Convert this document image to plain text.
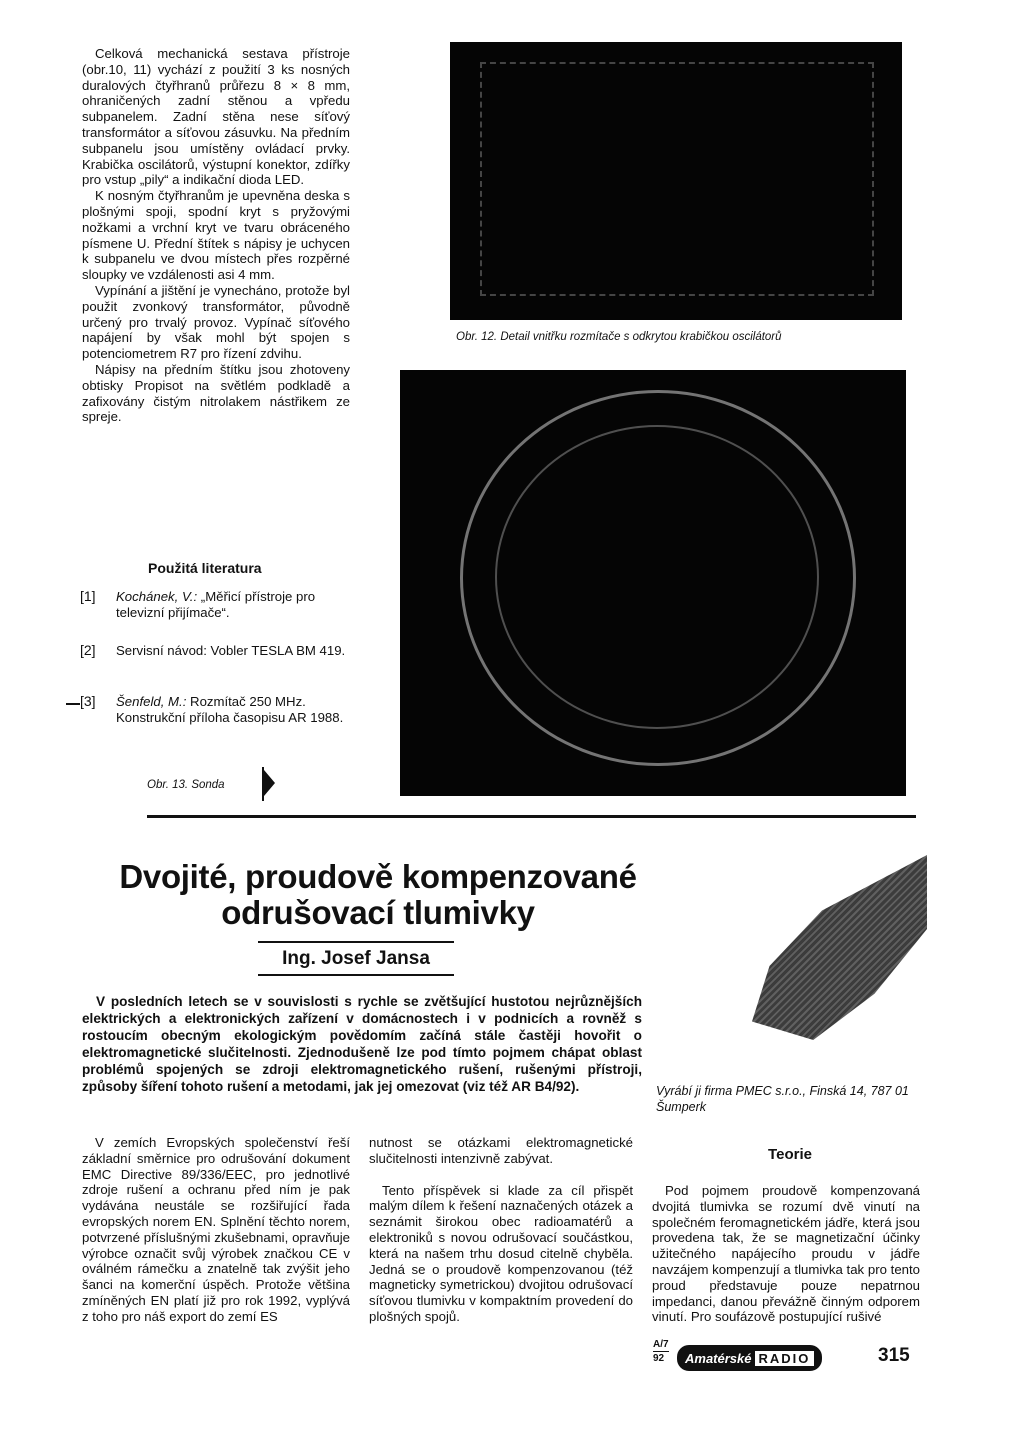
Celková mechanická sestava přístroje (obr.10, 11) vychází z použití 3 ks nosných duralových čtyřhranů průřezu 8 × 8 mm, ohraničených zadní stěnou a vpředu subpanelem. Zadní stěna nese síťový transformátor a síťovou zásuvku. Na předním subpanelu jsou umístěny ovládací prvky. Krabička oscilátorů, výstupní konektor, zdířky pro vstup „pily“ a indikační dioda LED.

K nosným čtyřhranům je upevněna deska s plošnými spoji, spodní kryt s pryžovými nožkami a vrchní kryt ve tvaru obráceného písmene U. Přední štítek s nápisy je uchycen k subpanelu ve dvou místech přes rozpěrné sloupky ve vzdálenosti asi 4 mm.

Vypínání a jištění je vynecháno, protože byl použit zvonkový transformátor, původně určený pro trvalý provoz. Vypínač síťového napájení by však mohl být spojen s potenciometrem R7 pro řízení zdvihu.

Nápisy na předním štítku jsou zhotoveny obtisky Propisot na světlém podkladě a zafixovány čistým nitrolakem nástřikem ze spreje.

Obr. 12. Detail vnitřku rozmítače s odkrytou krabičkou oscilátorů
Obr. 13. Sonda
Použitá literatura
[1] Kochánek, V.: „Měřicí přístroje pro televizní přijímače“.
[2] Servisní návod: Vobler TESLA BM 419.
[3] Šenfeld, M.: Rozmítač 250 MHz. Konstrukční příloha časopisu AR 1988.
Dvojité, proudově kompenzované odrušovací tlumivky
Ing. Josef Jansa

V posledních letech se v souvislosti s rychle se zvětšující hustotou nejrůznějších elektrických a elektronických zařízení v domácnostech i v podnicích a rovněž s rostoucím obecným ekologickým povědomím začíná stále častěji hovořit o elektromagnetické slučitelnosti. Zjednodušeně lze pod tímto pojmem chápat oblast problémů spojených se zdroji elektromagnetického rušení, rušenými přístroji, způsoby šíření tohoto rušení a metodami, jak jej omezovat (viz též AR B4/92).	Vyrábí ji firma PMEC s.r.o., Finská 14, 787 01 Šumperk

V zemích Evropských společenství řeší základní směrnice pro odrušování dokument EMC Directive 89/336/EEC, pro jednotlivé zdroje rušení a ochranu před ním je pak vydávána neustále se rozšiřující řada evropských norem EN. Splnění těchto norem, potvrzené příslušnými zkušebnami, opravňuje výrobce označit svůj výrobek značkou CE v oválném rámečku a znatelně tak zvýšit jeho šanci na komerční úspěch. Protože většina zmíněných EN platí již pro rok 1992, vyplývá z toho pro náš export do zemí ES

nutnost se otázkami elektromagnetické slučitelnosti intenzivně zabývat.

Tento příspěvek si klade za cíl přispět malým dílem k řešení naznačených otázek a seznámit širokou obec radioamatérů a elektroniků s novou odrušovací součástkou, která na našem trhu dosud citelně chyběla. Jedná se o proudově kompenzovanou (též magneticky symetrickou) dvojitou odrušovací síťovou tlumivku v kompaktním provedení do plošných spojů.

Teorie

Pod pojmem proudově kompenzovaná dvojitá tlumivka se rozumí dvě vinutí na společném feromagnetickém jádře, která jsou provedena tak, že se magnetizační účinky užitečného napájecího proudu v jádře navzájem kompenzují a tlumivka tak pro tento proud představuje pouze nepatrnou impedanci, danou převážně činným odporem vinutí. Pro soufázově postupující rušivé

A/7
92	Amatérské RADIO	315
